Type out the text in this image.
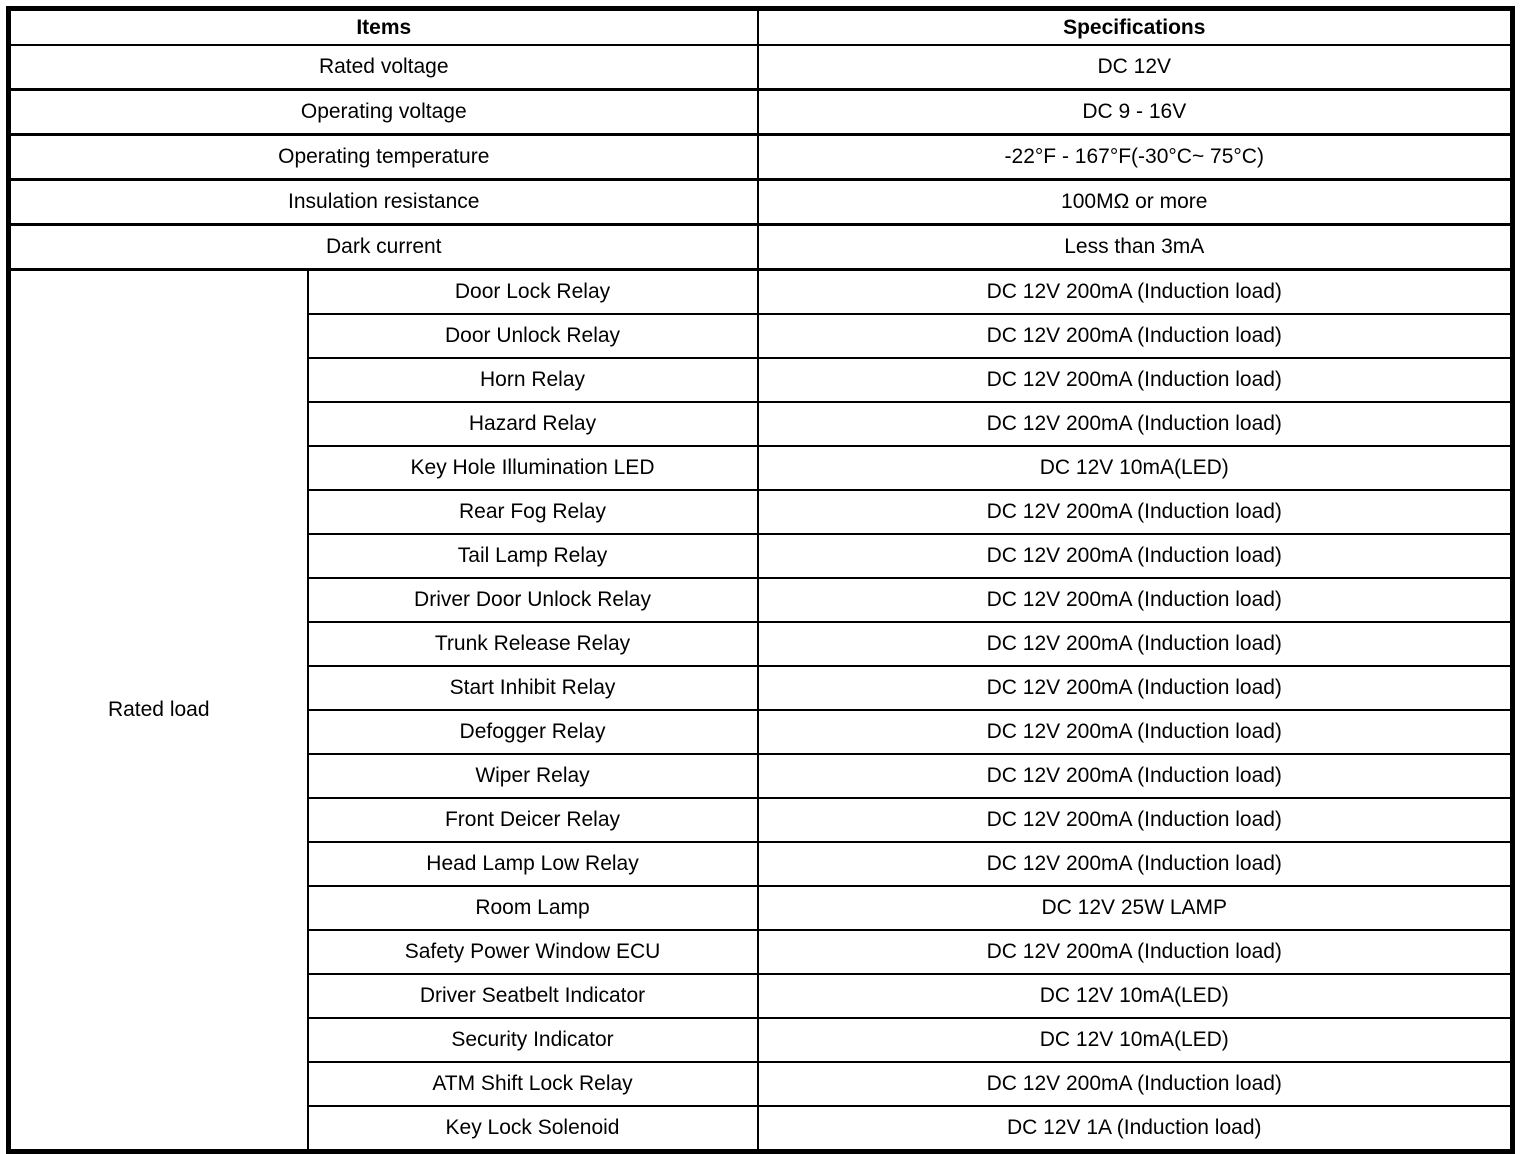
Items		Specifications
Rated voltage		DC 12V
Operating voltage		DC 9 - 16V
Operating temperature		-22°F - 167°F(-30°C~ 75°C)
Insulation resistance		100MΩ or more
Dark current		Less than 3mA
Rated load	Door Lock Relay	DC 12V 200mA (Induction load)
	Door Unlock Relay	DC 12V 200mA (Induction load)
	Horn Relay	DC 12V 200mA (Induction load)
	Hazard Relay	DC 12V 200mA (Induction load)
	Key Hole Illumination LED	DC 12V 10mA(LED)
	Rear Fog Relay	DC 12V 200mA (Induction load)
	Tail Lamp Relay	DC 12V 200mA (Induction load)
	Driver Door Unlock Relay	DC 12V 200mA (Induction load)
	Trunk Release Relay	DC 12V 200mA (Induction load)
	Start Inhibit Relay	DC 12V 200mA (Induction load)
	Defogger Relay	DC 12V 200mA (Induction load)
	Wiper Relay	DC 12V 200mA (Induction load)
	Front Deicer Relay	DC 12V 200mA (Induction load)
	Head Lamp Low Relay	DC 12V 200mA (Induction load)
	Room Lamp	DC 12V 25W LAMP
	Safety Power Window ECU	DC 12V 200mA (Induction load)
	Driver Seatbelt Indicator	DC 12V 10mA(LED)
	Security Indicator	DC 12V 10mA(LED)
	ATM Shift Lock Relay	DC 12V 200mA (Induction load)
	Key Lock Solenoid	DC 12V 1A (Induction load)
